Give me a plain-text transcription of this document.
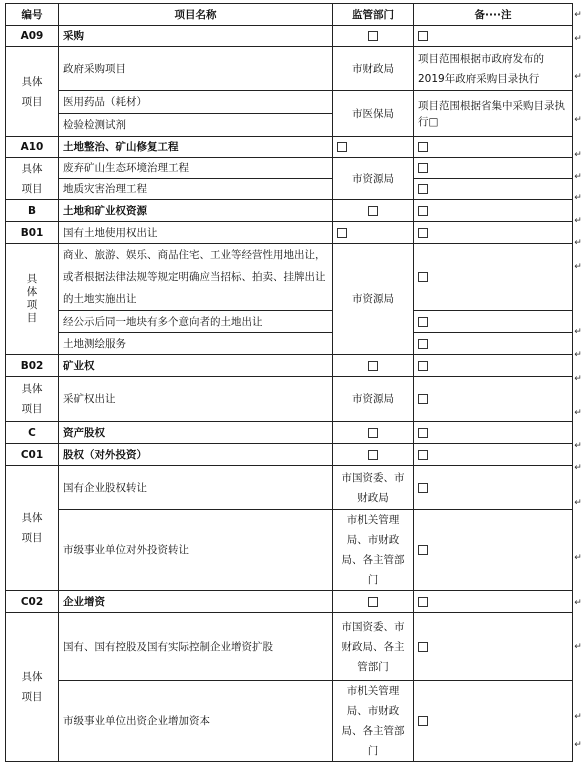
编号	项目名称	监管部门	备····注
A09	采购		
具体项目	政府采购项目	市财政局	项目范围根据市政府发布的2019年政府采购目录执行
	医用药品（耗材）	市医保局	项目范围根据省集中采购目录执行□
	检验检测试剂		
A10	土地整治、矿山修复工程		
具体项目	废弃矿山生态环境治理工程	市资源局	
	地质灾害治理工程		
B	土地和矿业权资源		
B01	国有土地使用权出让		
具体项目	商业、旅游、娱乐、商品住宅、工业等经营性用地出让，或者根据法律法规等规定明确应当招标、拍卖、挂牌出让的土地实施出让	市资源局	
	经公示后同一地块有多个意向者的土地出让		
	土地测绘服务		
B02	矿业权		
具体项目	采矿权出让	市资源局	
C	资产股权		
C01	股权（对外投资）		
具体项目	国有企业股权转让	市国资委、市财政局	
	市级事业单位对外投资转让	市机关管理局、市财政局、各主管部门	
C02	企业增资		
具体项目	国有、国有控股及国有实际控制企业增资扩股	市国资委、市财政局、各主管部门	
	市级事业单位出资企业增加资本	市机关管理局、市财政局、各主管部门	
↵
↵
↵
↵
↵
↵
↵
↵
↵
↵
↵
↵
↵
↵
↵
↵
↵
↵
↵
↵
↵
↵
